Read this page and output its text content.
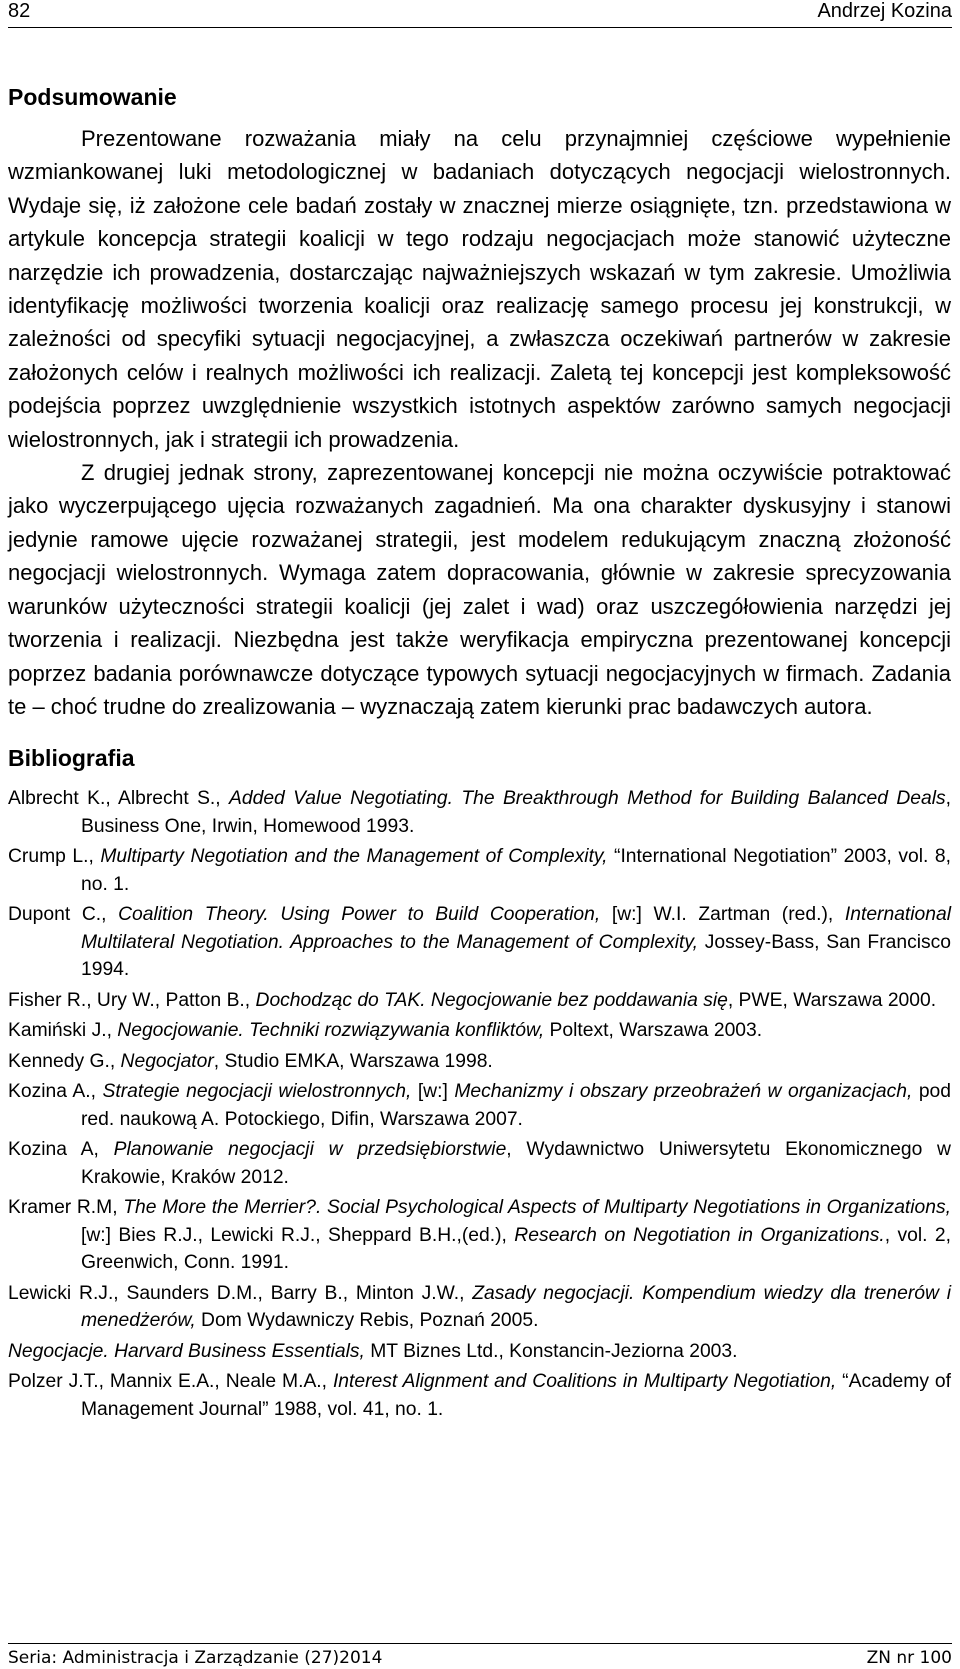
82	Andrzej Kozina
Podsumowanie

Prezentowane rozważania miały na celu przynajmniej częściowe wypełnienie wzmiankowanej luki metodologicznej w badaniach dotyczących negocjacji wielostronnych. Wydaje się, iż założone cele badań zostały w znacznej mierze osiągnięte, tzn. przedstawiona w artykule koncepcja strategii koalicji w tego rodzaju negocjacjach może stanowić użyteczne narzędzie ich prowadzenia, dostarczając najważniejszych wskazań w tym zakresie. Umożliwia identyfikację możliwości tworzenia koalicji oraz realizację samego procesu jej konstrukcji, w zależności od specyfiki sytuacji negocjacyjnej, a zwłaszcza oczekiwań partnerów w zakresie założonych celów i realnych możliwości ich realizacji. Zaletą tej koncepcji jest kompleksowość podejścia poprzez uwzględnienie wszystkich istotnych aspektów zarówno samych negocjacji wielostronnych, jak i strategii ich prowadzenia.

Z drugiej jednak strony, zaprezentowanej koncepcji nie można oczywiście potraktować jako wyczerpującego ujęcia rozważanych zagadnień. Ma ona charakter dyskusyjny i stanowi jedynie ramowe ujęcie rozważanej strategii, jest modelem redukującym znaczną złożoność negocjacji wielostronnych. Wymaga zatem dopracowania, głównie w zakresie sprecyzowania warunków użyteczności strategii koalicji (jej zalet i wad) oraz uszczegółowienia narzędzi jej tworzenia i realizacji. Niezbędna jest także weryfikacja empiryczna prezentowanej koncepcji poprzez badania porównawcze dotyczące typowych sytuacji negocjacyjnych w firmach. Zadania te – choć trudne do zrealizowania – wyznaczają zatem kierunki prac badawczych autora.

Bibliografia
Albrecht K., Albrecht S., Added Value Negotiating. The Breakthrough Method for Building Balanced Deals, Business One, Irwin, Homewood 1993.
Crump L., Multiparty Negotiation and the Management of Complexity, “International Negotiation” 2003, vol. 8, no. 1.
Dupont C., Coalition Theory. Using Power to Build Cooperation, [w:] W.I. Zartman (red.), International Multilateral Negotiation. Approaches to the Management of Complexity, Jossey-Bass, San Francisco 1994.
Fisher R., Ury W., Patton B., Dochodząc do TAK. Negocjowanie bez poddawania się, PWE, Warszawa 2000.
Kamiński J., Negocjowanie. Techniki rozwiązywania konfliktów, Poltext, Warszawa 2003.
Kennedy G., Negocjator, Studio EMKA, Warszawa 1998.
Kozina A., Strategie negocjacji wielostronnych, [w:] Mechanizmy i obszary przeobrażeń w organizacjach, pod red. naukową A. Potockiego, Difin, Warszawa 2007.
Kozina A, Planowanie negocjacji w przedsiębiorstwie, Wydawnictwo Uniwersytetu Ekonomicznego w Krakowie, Kraków 2012.
Kramer R.M, The More the Merrier?. Social Psychological Aspects of Multiparty Negotiations in Organizations, [w:] Bies R.J., Lewicki R.J., Sheppard B.H.,(ed.), Research on Negotiation in Organizations., vol. 2, Greenwich, Conn. 1991.
Lewicki R.J., Saunders D.M., Barry B., Minton J.W., Zasady negocjacji. Kompendium wiedzy dla trenerów i menedżerów, Dom Wydawniczy Rebis, Poznań 2005.
Negocjacje. Harvard Business Essentials, MT Biznes Ltd., Konstancin-Jeziorna 2003.
Polzer J.T., Mannix E.A., Neale M.A., Interest Alignment and Coalitions in Multiparty Negotiation, “Academy of Management Journal” 1988, vol. 41, no. 1.
Seria: Administracja i Zarządzanie (27)2014	ZN nr 100
